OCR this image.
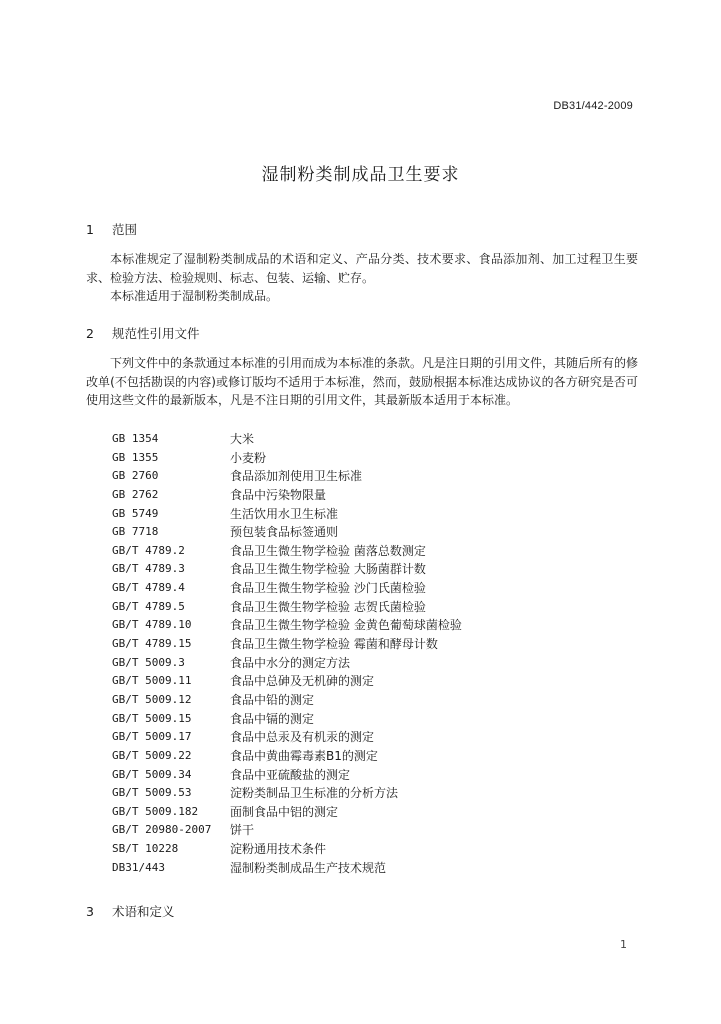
DB31/442-2009
湿制粉类制成品卫生要求
1 范围
本标准规定了湿制粉类制成品的术语和定义、产品分类、技术要求、食品添加剂、加工过程卫生要求、检验方法、检验规则、标志、包装、运输、贮存。
本标准适用于湿制粉类制成品。
2 规范性引用文件
下列文件中的条款通过本标准的引用而成为本标准的条款。凡是注日期的引用文件，其随后所有的修改单(不包括勘误的内容)或修订版均不适用于本标准，然而，鼓励根据本标准达成协议的各方研究是否可使用这些文件的最新版本，凡是不注日期的引用文件，其最新版本适用于本标准。
GB 1354	大米
GB 1355	小麦粉
GB 2760	食品添加剂使用卫生标准
GB 2762	食品中污染物限量
GB 5749	生活饮用水卫生标准
GB 7718	预包装食品标签通则
GB/T 4789.2	食品卫生微生物学检验 菌落总数测定
GB/T 4789.3	食品卫生微生物学检验 大肠菌群计数
GB/T 4789.4	食品卫生微生物学检验 沙门氏菌检验
GB/T 4789.5	食品卫生微生物学检验 志贺氏菌检验
GB/T 4789.10	食品卫生微生物学检验 金黄色葡萄球菌检验
GB/T 4789.15	食品卫生微生物学检验 霉菌和酵母计数
GB/T 5009.3	食品中水分的测定方法
GB/T 5009.11	食品中总砷及无机砷的测定
GB/T 5009.12	食品中铅的测定
GB/T 5009.15	食品中镉的测定
GB/T 5009.17	食品中总汞及有机汞的测定
GB/T 5009.22	食品中黄曲霉毒素B1的测定
GB/T 5009.34	食品中亚硫酸盐的测定
GB/T 5009.53	淀粉类制品卫生标准的分析方法
GB/T 5009.182	面制食品中铝的测定
GB/T 20980-2007	饼干
SB/T 10228	淀粉通用技术条件
DB31/443	湿制粉类制成品生产技术规范
3 术语和定义
1
